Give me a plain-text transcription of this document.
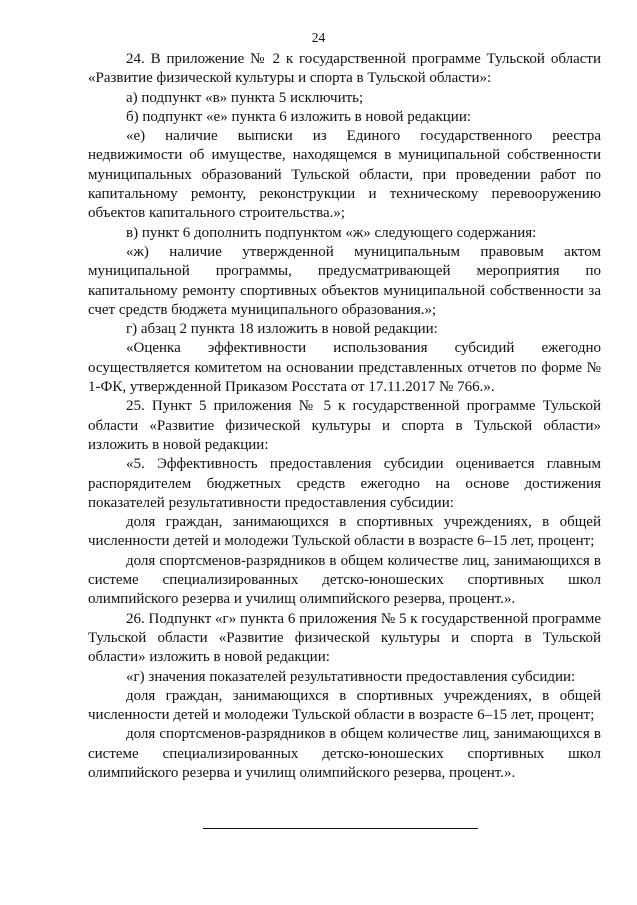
24

24. В приложение № 2 к государственной программе Тульской области «Развитие физической культуры и спорта в Тульской области»:

а) подпункт «в» пункта 5 исключить;

б) подпункт «е» пункта 6 изложить в новой редакции:

«е) наличие выписки из Единого государственного реестра недвижимости об имуществе, находящемся в муниципальной собственности муниципальных образований Тульской области, при проведении работ по капитальному ремонту, реконструкции и техническому перевооружению объектов капитального строительства.»;

в) пункт 6 дополнить подпунктом «ж» следующего содержания:

«ж) наличие утвержденной муниципальным правовым актом муниципальной программы, предусматривающей мероприятия по капитальному ремонту спортивных объектов муниципальной собственности за счет средств бюджета муниципального образования.»;

г) абзац 2 пункта 18 изложить в новой редакции:

«Оценка эффективности использования субсидий ежегодно осуществляется комитетом на основании представленных отчетов по форме № 1-ФК, утвержденной Приказом Росстата от 17.11.2017 № 766.».

25. Пункт 5 приложения № 5 к государственной программе Тульской области «Развитие физической культуры и спорта в Тульской области» изложить в новой редакции:

«5. Эффективность предоставления субсидии оценивается главным распорядителем бюджетных средств ежегодно на основе достижения показателей результативности предоставления субсидии:

доля граждан, занимающихся в спортивных учреждениях, в общей численности детей и молодежи Тульской области в возрасте 6–15 лет, процент;

доля спортсменов-разрядников в общем количестве лиц, занимающихся в системе специализированных детско-юношеских спортивных школ олимпийского резерва и училищ олимпийского резерва, процент.».

26. Подпункт «г» пункта 6 приложения № 5 к государственной программе Тульской области «Развитие физической культуры и спорта в Тульской области» изложить в новой редакции:

«г) значения показателей результативности предоставления субсидии:

доля граждан, занимающихся в спортивных учреждениях, в общей численности детей и молодежи Тульской области в возрасте 6–15 лет, процент;

доля спортсменов-разрядников в общем количестве лиц, занимающихся в системе специализированных детско-юношеских спортивных школ олимпийского резерва и училищ олимпийского резерва, процент.».
